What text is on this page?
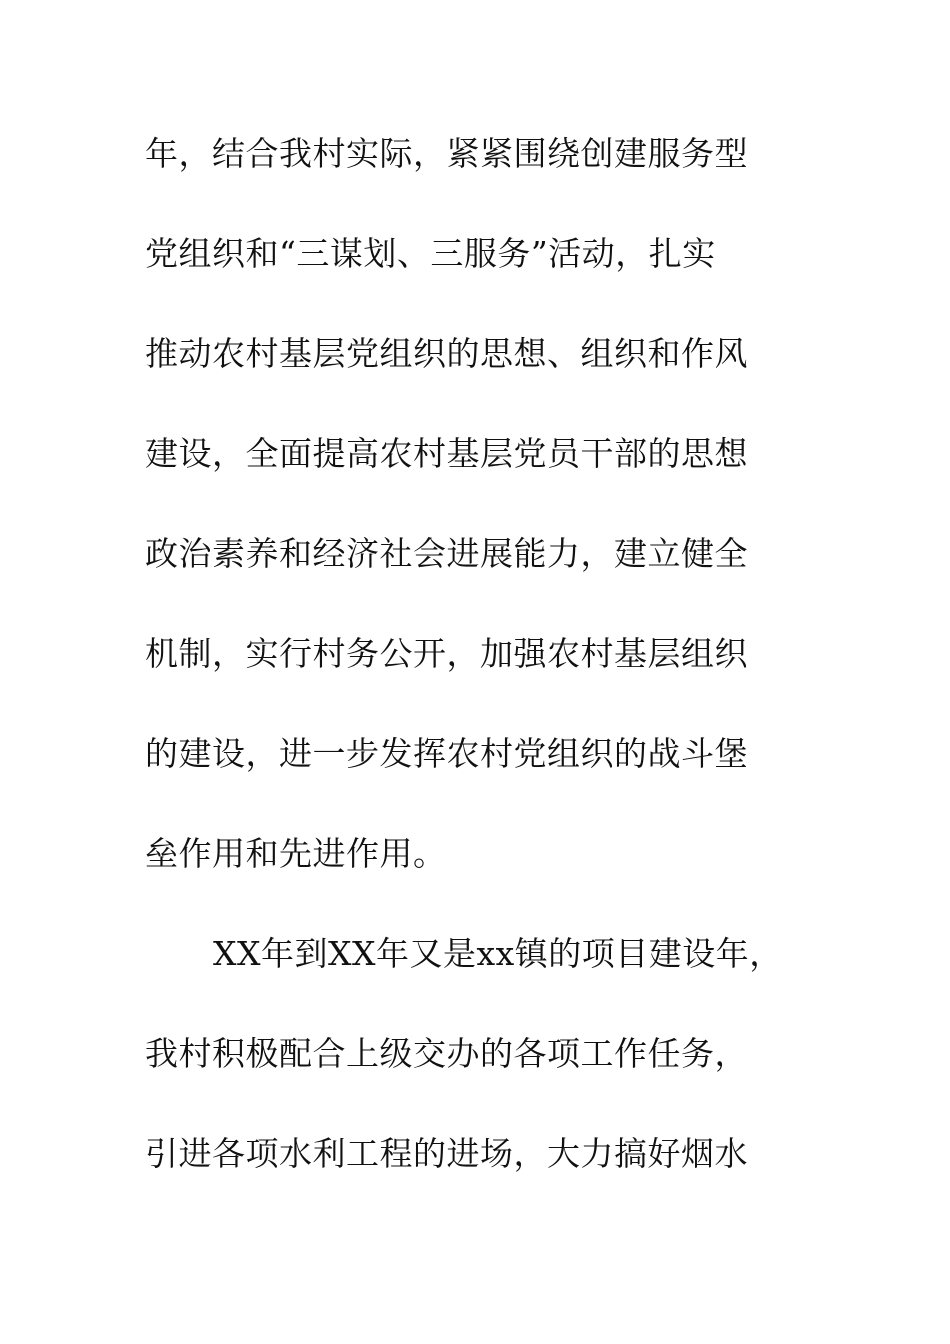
年，结合我村实际，紧紧围绕创建服务型
党组织和“三谋划、三服务”活动，扎实
推动农村基层党组织的思想、组织和作风
建设，全面提高农村基层党员干部的思想
政治素养和经济社会进展能力，建立健全
机制，实行村务公开，加强农村基层组织
的建设，进一步发挥农村党组织的战斗堡
垒作用和先进作用。
XX年到XX年又是xx镇的项目建设年，
我村积极配合上级交办的各项工作任务，
引进各项水利工程的进场，大力搞好烟水
